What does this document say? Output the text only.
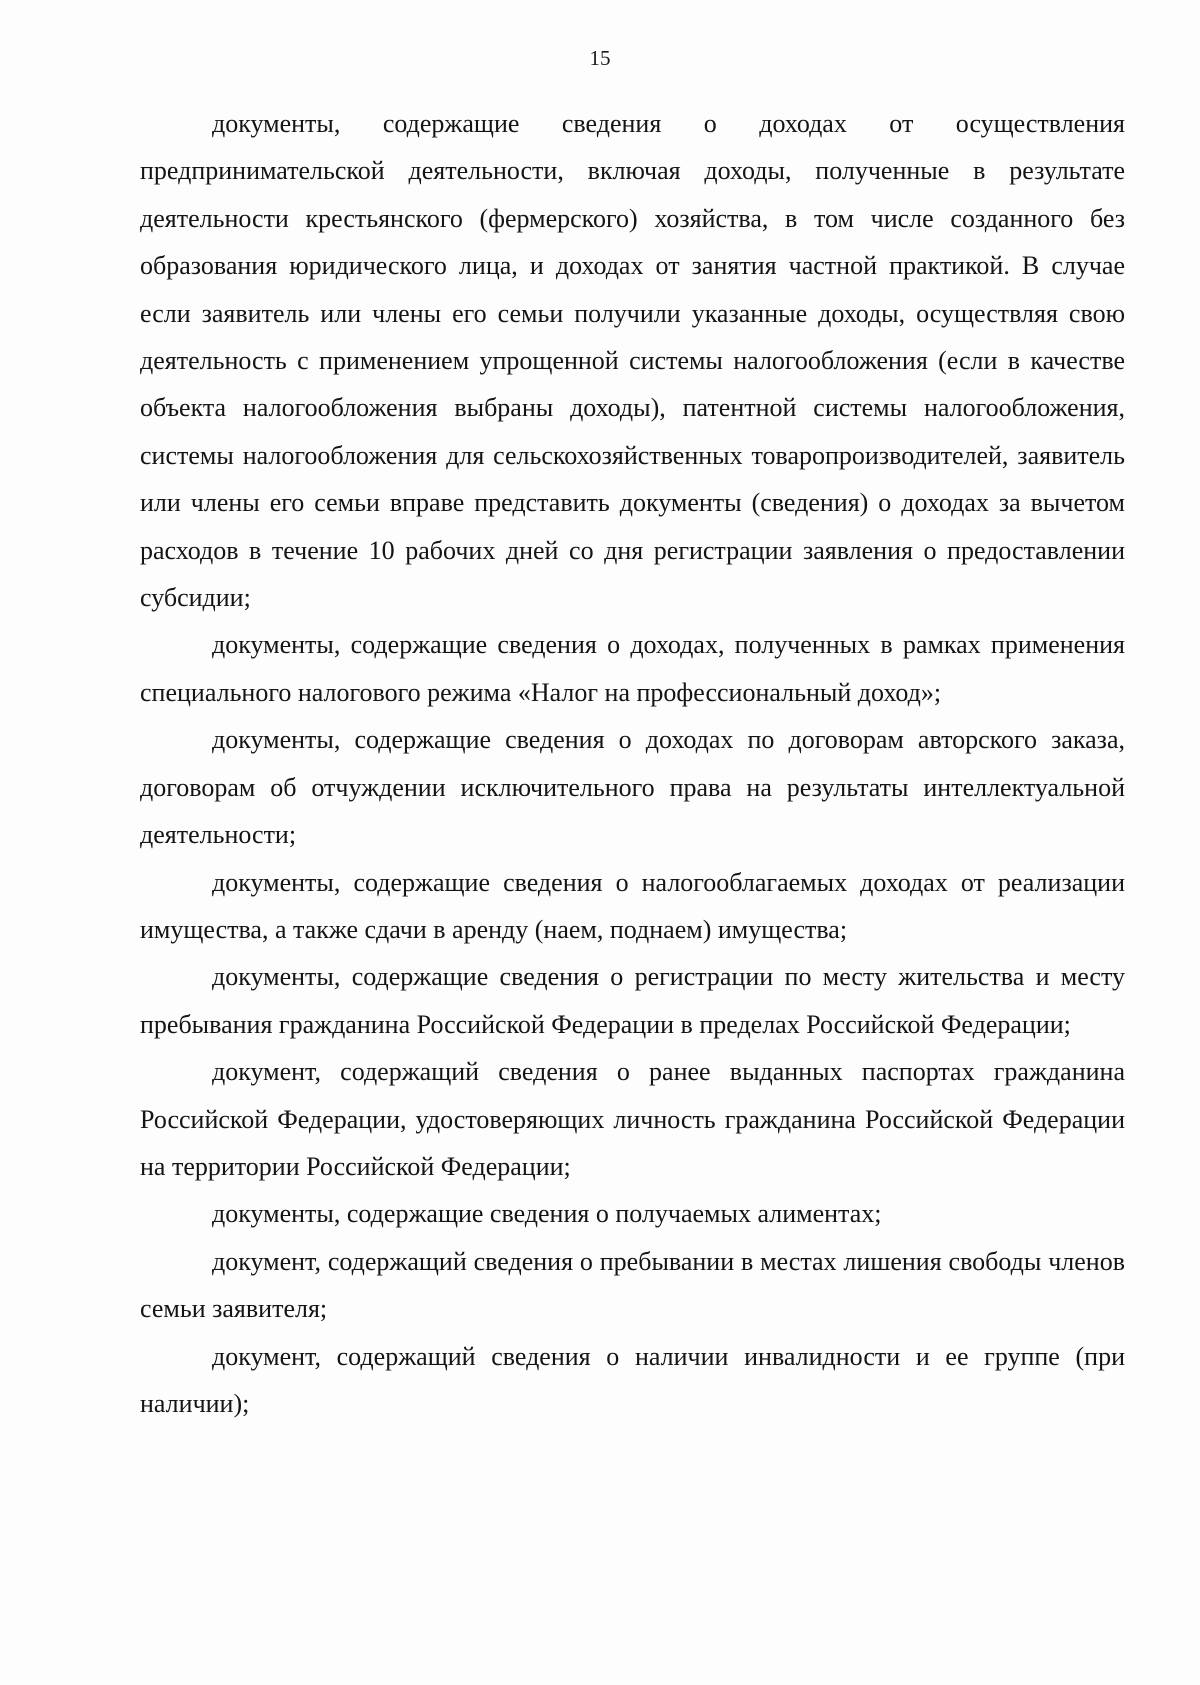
15

документы, содержащие сведения о доходах от осуществления предпринимательской деятельности, включая доходы, полученные в результате деятельности крестьянского (фермерского) хозяйства, в том числе созданного без образования юридического лица, и доходах от занятия частной практикой. В случае если заявитель или члены его семьи получили указанные доходы, осуществляя свою деятельность с применением упрощенной системы налогообложения (если в качестве объекта налогообложения выбраны доходы), патентной системы налогообложения, системы налогообложения для сельскохозяйственных товаропроизводителей, заявитель или члены его семьи вправе представить документы (сведения) о доходах за вычетом расходов в течение 10 рабочих дней со дня регистрации заявления о предоставлении субсидии;

документы, содержащие сведения о доходах, полученных в рамках применения специального налогового режима «Налог на профессиональный доход»;

документы, содержащие сведения о доходах по договорам авторского заказа, договорам об отчуждении исключительного права на результаты интеллектуальной деятельности;

документы, содержащие сведения о налогооблагаемых доходах от реализации имущества, а также сдачи в аренду (наем, поднаем) имущества;

документы, содержащие сведения о регистрации по месту жительства и месту пребывания гражданина Российской Федерации в пределах Российской Федерации;

документ, содержащий сведения о ранее выданных паспортах гражданина Российской Федерации, удостоверяющих личность гражданина Российской Федерации на территории Российской Федерации;

документы, содержащие сведения о получаемых алиментах;

документ, содержащий сведения о пребывании в местах лишения свободы членов семьи заявителя;

документ, содержащий сведения о наличии инвалидности и ее группе (при наличии);
